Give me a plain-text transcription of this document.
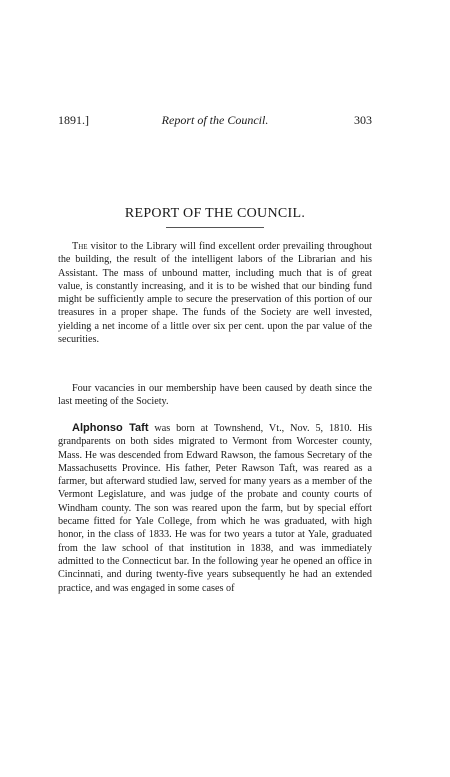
1891.]	Report of the Council.	303
REPORT OF THE COUNCIL.

The visitor to the Library will find excellent order prevailing throughout the building, the result of the intelligent labors of the Librarian and his Assistant. The mass of unbound matter, including much that is of great value, is constantly increasing, and it is to be wished that our binding fund might be sufficiently ample to secure the preservation of this portion of our treasures in a proper shape. The funds of the Society are well invested, yielding a net income of a little over six per cent. upon the par value of the securities.

Four vacancies in our membership have been caused by death since the last meeting of the Society.

Alphonso Taft was born at Townshend, Vt., Nov. 5, 1810. His grandparents on both sides migrated to Vermont from Worcester county, Mass. He was descended from Edward Rawson, the famous Secretary of the Massachusetts Province. His father, Peter Rawson Taft, was reared as a farmer, but afterward studied law, served for many years as a member of the Vermont Legislature, and was judge of the probate and county courts of Windham county. The son was reared upon the farm, but by special effort became fitted for Yale College, from which he was graduated, with high honor, in the class of 1833. He was for two years a tutor at Yale, graduated from the law school of that institution in 1838, and was immediately admitted to the Connecticut bar. In the following year he opened an office in Cincinnati, and during twenty-five years subsequently he had an extended practice, and was engaged in some cases of
